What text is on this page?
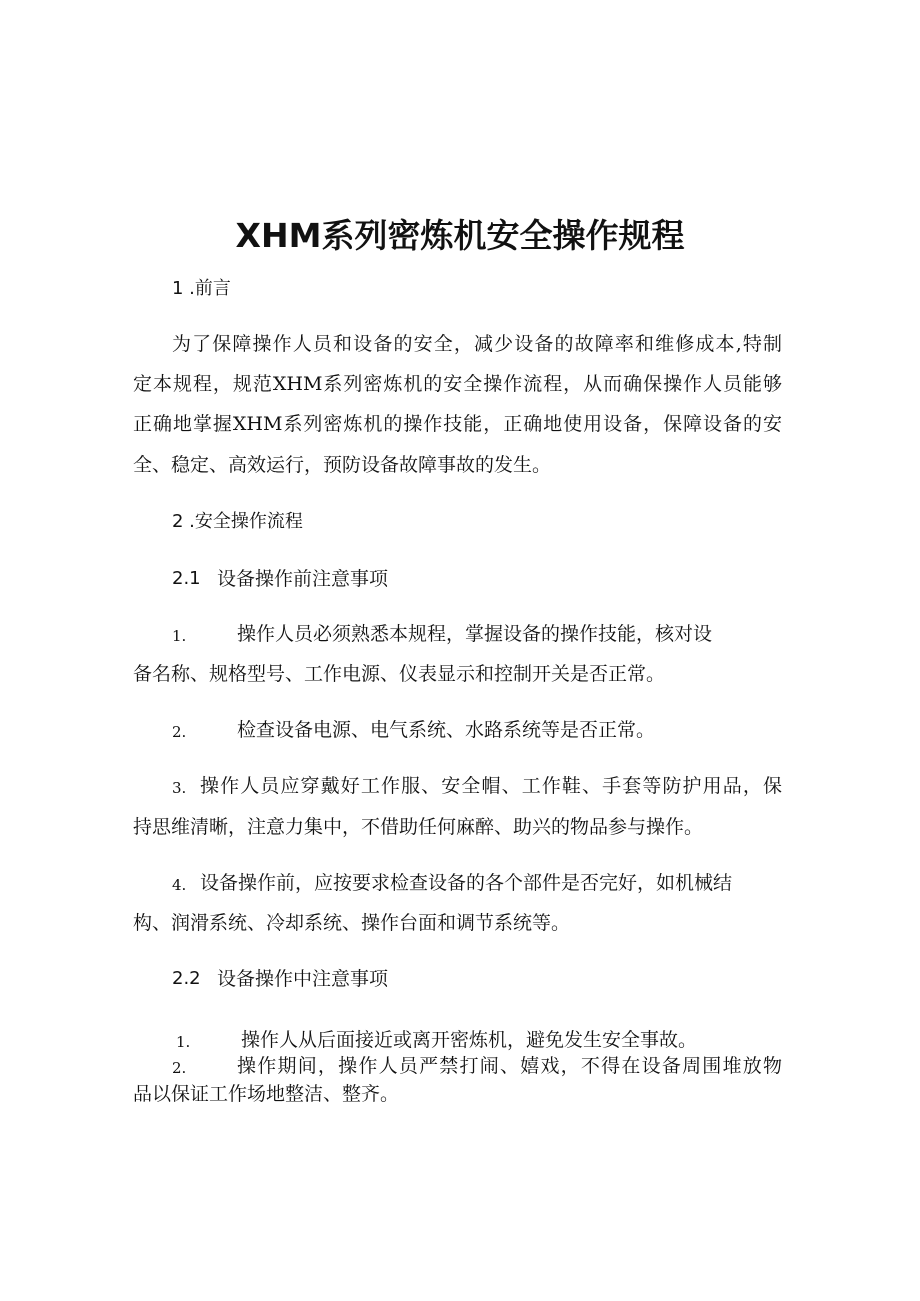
XHM系列密炼机安全操作规程
1 .前言
为了保障操作人员和设备的安全，减少设备的故障率和维修成本,特制
定本规程，规范XHM系列密炼机的安全操作流程，从而确保操作人员能够
正确地掌握XHM系列密炼机的操作技能，正确地使用设备，保障设备的安
全、稳定、高效运行，预防设备故障事故的发生。
2 .安全操作流程
2.1 设备操作前注意事项
1.	操作人员必须熟悉本规程，掌握设备的操作技能，核对设
备名称、规格型号、工作电源、仪表显示和控制开关是否正常。
2.	检查设备电源、电气系统、水路系统等是否正常。
3. 操作人员应穿戴好工作服、安全帽、工作鞋、手套等防护用品，保
持思维清晰，注意力集中，不借助任何麻醉、助兴的物品参与操作。
4. 设备操作前，应按要求检查设备的各个部件是否完好，如机械结
构、润滑系统、冷却系统、操作台面和调节系统等。
2.2 设备操作中注意事项
1.	操作人从后面接近或离开密炼机，避免发生安全事故。
2.	操作期间，操作人员严禁打闹、嬉戏，不得在设备周围堆放物
品以保证工作场地整洁、整齐。
